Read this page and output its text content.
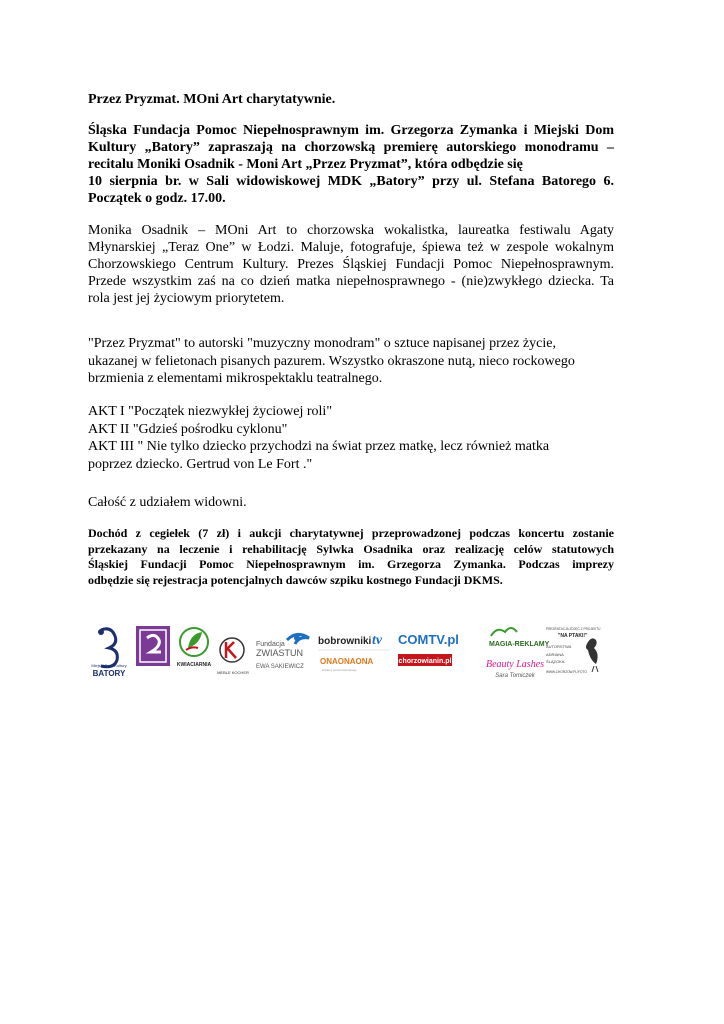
Przez Pryzmat. MOni Art charytatywnie.

Śląska Fundacja Pomoc Niepełnosprawnym im. Grzegorza Zymanka i Miejski Dom
Kultury „Batory” zapraszają na chorzowską premierę autorskiego monodramu –
recitalu Moniki Osadnik - Moni Art „Przez Pryzmat”, która odbędzie się
10 sierpnia br. w Sali widowiskowej MDK „Batory” przy ul. Stefana Batorego 6.
Początek o godz. 17.00.

Monika Osadnik – MOni Art to chorzowska wokalistka, laureatka festiwalu Agaty
Młynarskiej „Teraz One” w Łodzi. Maluje, fotografuje, śpiewa też w zespole wokalnym
Chorzowskiego Centrum Kultury. Prezes Śląskiej Fundacji Pomoc Niepełnosprawnym.
Przede wszystkim zaś na co dzień matka niepełnosprawnego - (nie)zwykłego dziecka. Ta
rola jest jej życiowym priorytetem.

"Przez Pryzmat" to autorski "muzyczny monodram" o sztuce napisanej przez życie,
ukazanej w felietonach pisanych pazurem. Wszystko okraszone nutą, nieco rockowego
brzmienia z elementami mikrospektaklu teatralnego.

AKT I "Początek niezwykłej życiowej roli"
AKT II "Gdzieś pośrodku cyklonu"
AKT III " Nie tylko dziecko przychodzi na świat przez matkę, lecz również matka
poprzez dziecko. Gertrud von Le Fort ."

Całość z udziałem widowni.

Dochód z cegiełek (7 zł) i aukcji charytatywnej przeprowadzonej podczas koncertu zostanie
przekazany na leczenie i rehabilitację Sylwka Osadnika oraz realizację celów statutowych
Śląskiej Fundacji Pomoc Niepełnosprawnym im. Grzegorza Zymanka. Podczas imprezy
odbędzie się rejestracja potencjalnych dawców szpiku kostnego Fundacji DKMS.

Miejski Dom Kultury
BATORY
KWIACIARNIA
MEBLE KOCHER
Fundacja
ZWIASTUN
EWA SAKIEWICZ
bobrowniki tv
ONAONAONA
kobiecy portal internetowy
COMTV.pl
chorzowianin.pl
MAGIA-REKLAMY
Beauty Lashes
Sara Tomiczek
PREZENTACJA ZDJĘĆ Z PROJEKTU
"NA PTAKI!"
AUTORSTWA
ADRIANA
ŚLĄZOKA
WWW.CHORZOW.PL/FOTO
